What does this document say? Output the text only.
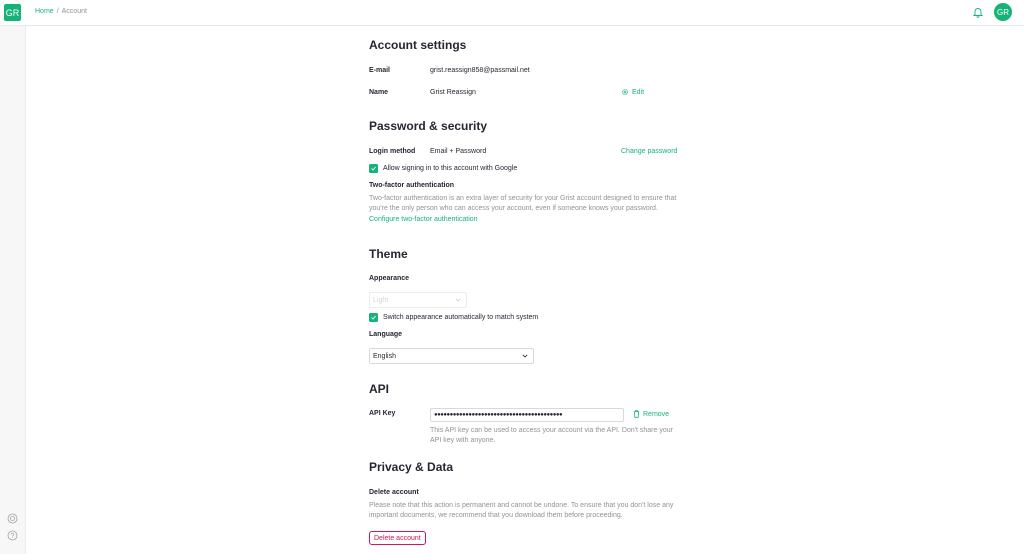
GR Home / Account	GR
?
Account settings
E-mail	grist.reassign858@passmail.net
Name	Grist Reassign	Edit
Password & security
Login method Email + Password	Change password
Allow signing in to this account with Google
Two-factor authentication
Two-factor authentication is an extra layer of security for your Grist account designed to ensure that you're the only person who can access your account, even if someone knows your password.
Configure two-factor authentication
Theme
Appearance
Light
Switch appearance automatically to match system
Language
English
API
API Key	●●●●●●●●●●●●●●●●●●●●●●●●●●●●●●●●●●●●●●●●●	Remove
This API key can be used to access your account via the API. Don't share your API key with anyone.
Privacy & Data
Delete account
Please note that this action is permanent and cannot be undone. To ensure that you don't lose any important documents, we recommend that you download them before proceeding.
Delete account
